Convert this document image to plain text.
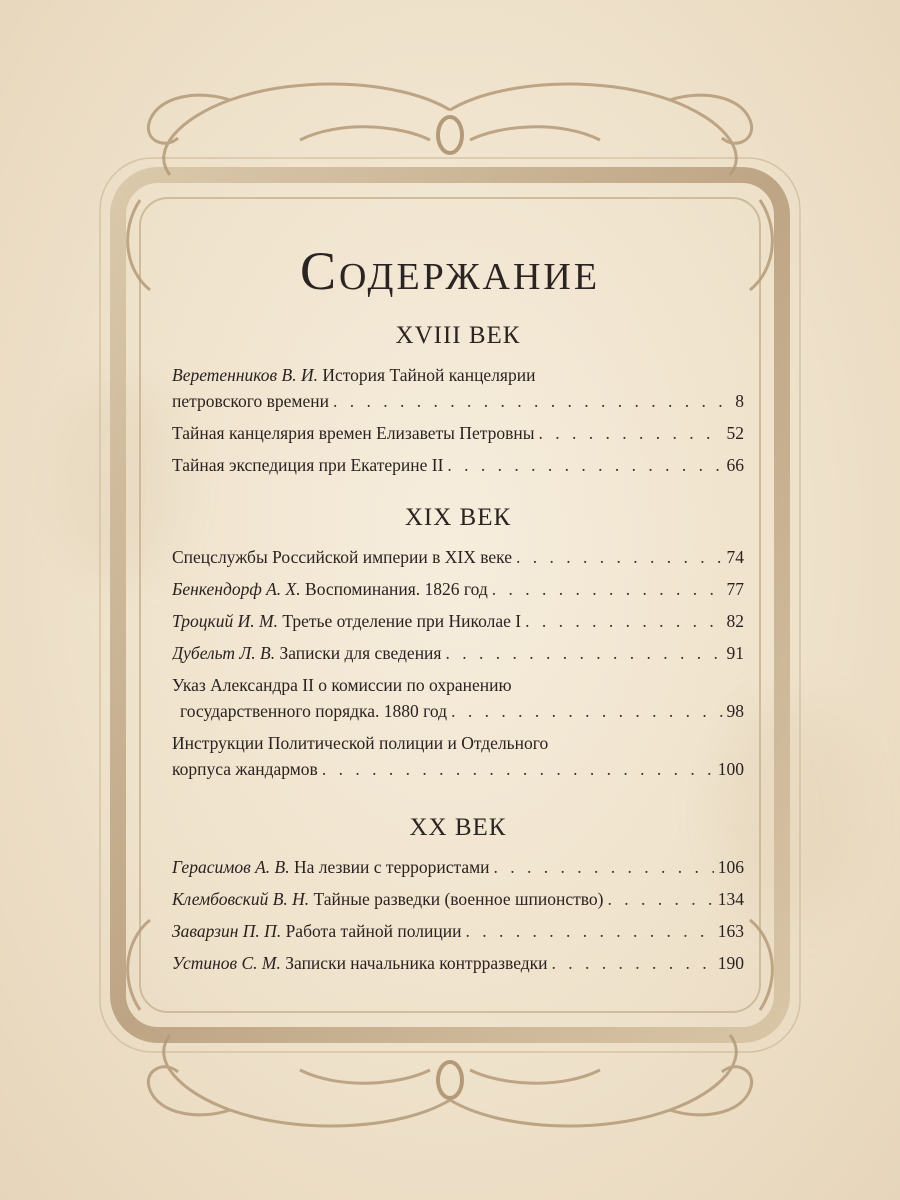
Содержание
XVIII ВЕК
Веретенников В. И. История Тайной канцелярии
петровского времени . . .	8
Тайная канцелярия времен Елизаветы Петровны . . .	52
Тайная экспедиция при Екатерине II . . .	66
XIX ВЕК
Спецслужбы Российской империи в XIX веке . . .	74
Бенкендорф А. Х. Воспоминания. 1826 год . . .	77
Троцкий И. М. Третье отделение при Николае I . . .	82
Дубельт Л. В. Записки для сведения . . .	91
Указ Александра II о комиссии по охранению
государственного порядка. 1880 год . . .	98
Инструкции Политической полиции и Отдельного
корпуса жандармов . . .	100
XX ВЕК
Герасимов А. В. На лезвии с террористами . . .	106
Клембовский В. Н. Тайные разведки (военное шпионство) . . .	134
Заварзин П. П. Работа тайной полиции . . .	163
Устинов С. М. Записки начальника контрразведки . . .	190
